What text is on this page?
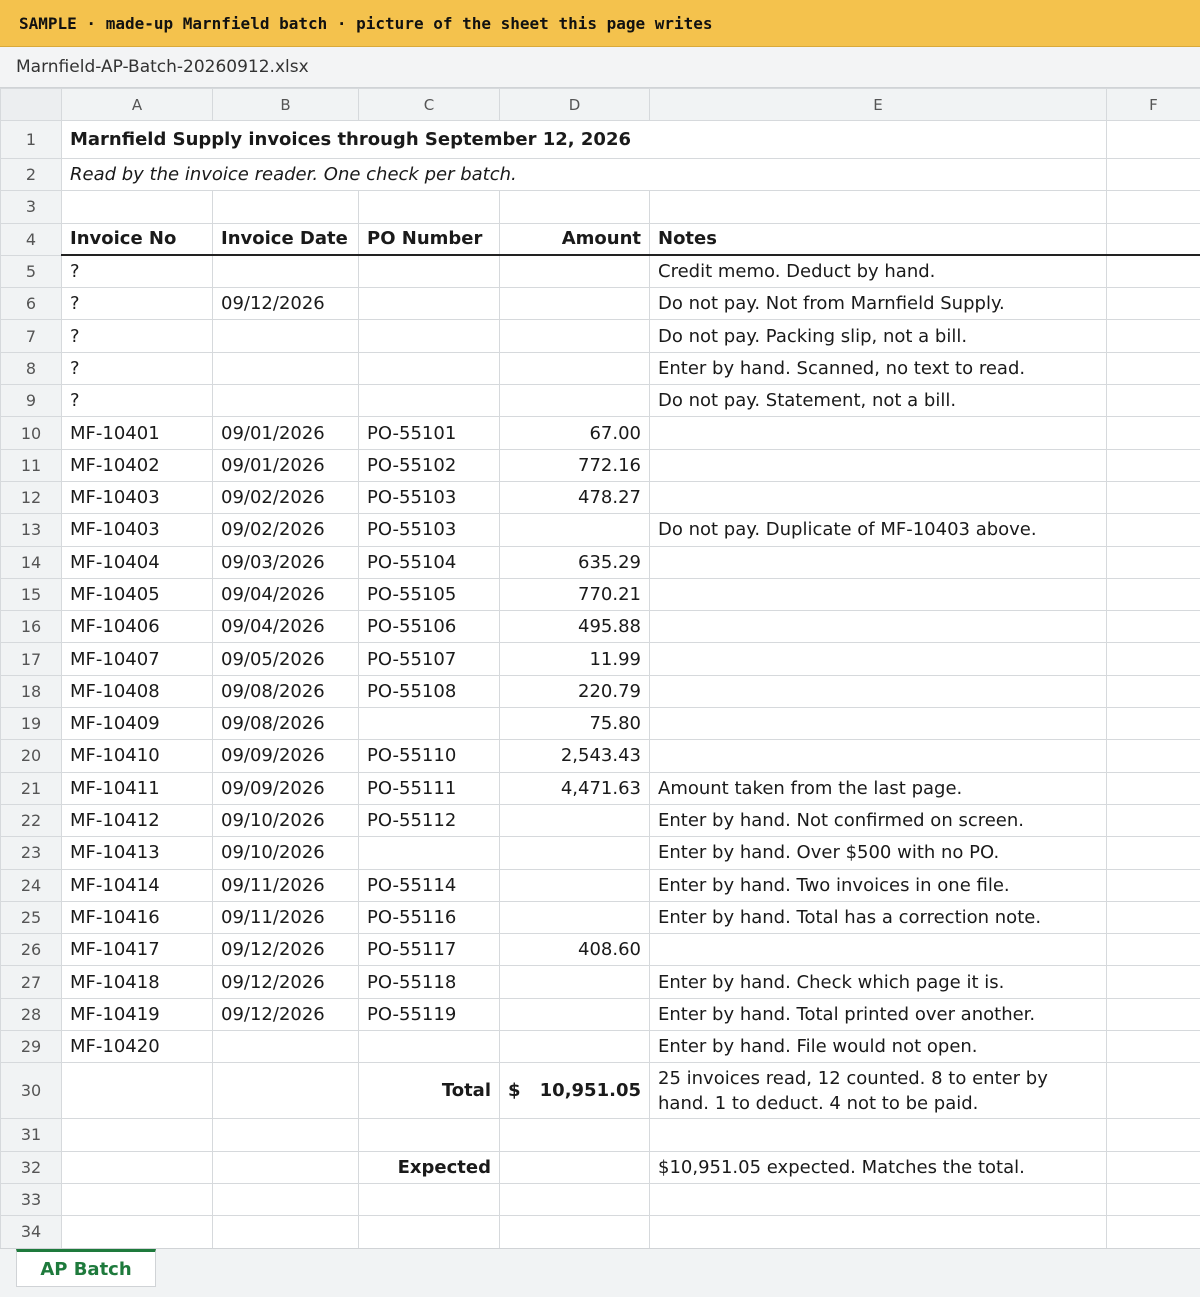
SAMPLE · made-up Marnfield batch · picture of the sheet this page writes
Marnfield-AP-Batch-20260912.xlsx
	A	B	C	D	E	F
1	Marnfield Supply invoices through September 12, 2026					
2	Read by the invoice reader. One check per batch.					
3						
4	Invoice No	Invoice Date	PO Number	Amount	Notes	
5	?				Credit memo. Deduct by hand.	
6	?	09/12/2026			Do not pay. Not from Marnfield Supply.	
7	?				Do not pay. Packing slip, not a bill.	
8	?				Enter by hand. Scanned, no text to read.	
9	?				Do not pay. Statement, not a bill.	
10	MF-10401	09/01/2026	PO-55101	67.00		
11	MF-10402	09/01/2026	PO-55102	772.16		
12	MF-10403	09/02/2026	PO-55103	478.27		
13	MF-10403	09/02/2026	PO-55103		Do not pay. Duplicate of MF-10403 above.	
14	MF-10404	09/03/2026	PO-55104	635.29		
15	MF-10405	09/04/2026	PO-55105	770.21		
16	MF-10406	09/04/2026	PO-55106	495.88		
17	MF-10407	09/05/2026	PO-55107	11.99		
18	MF-10408	09/08/2026	PO-55108	220.79		
19	MF-10409	09/08/2026		75.80		
20	MF-10410	09/09/2026	PO-55110	2,543.43		
21	MF-10411	09/09/2026	PO-55111	4,471.63	Amount taken from the last page.	
22	MF-10412	09/10/2026	PO-55112		Enter by hand. Not confirmed on screen.	
23	MF-10413	09/10/2026			Enter by hand. Over $500 with no PO.	
24	MF-10414	09/11/2026	PO-55114		Enter by hand. Two invoices in one file.	
25	MF-10416	09/11/2026	PO-55116		Enter by hand. Total has a correction note.	
26	MF-10417	09/12/2026	PO-55117	408.60		
27	MF-10418	09/12/2026	PO-55118		Enter by hand. Check which page it is.	
28	MF-10419	09/12/2026	PO-55119		Enter by hand. Total printed over another.	
29	MF-10420				Enter by hand. File would not open.	
30			Total	$ 10,951.05	25 invoices read, 12 counted. 8 to enter by hand. 1 to deduct. 4 not to be paid.	
31						
32			Expected		$10,951.05 expected. Matches the total.	
33						
34						
AP Batch
